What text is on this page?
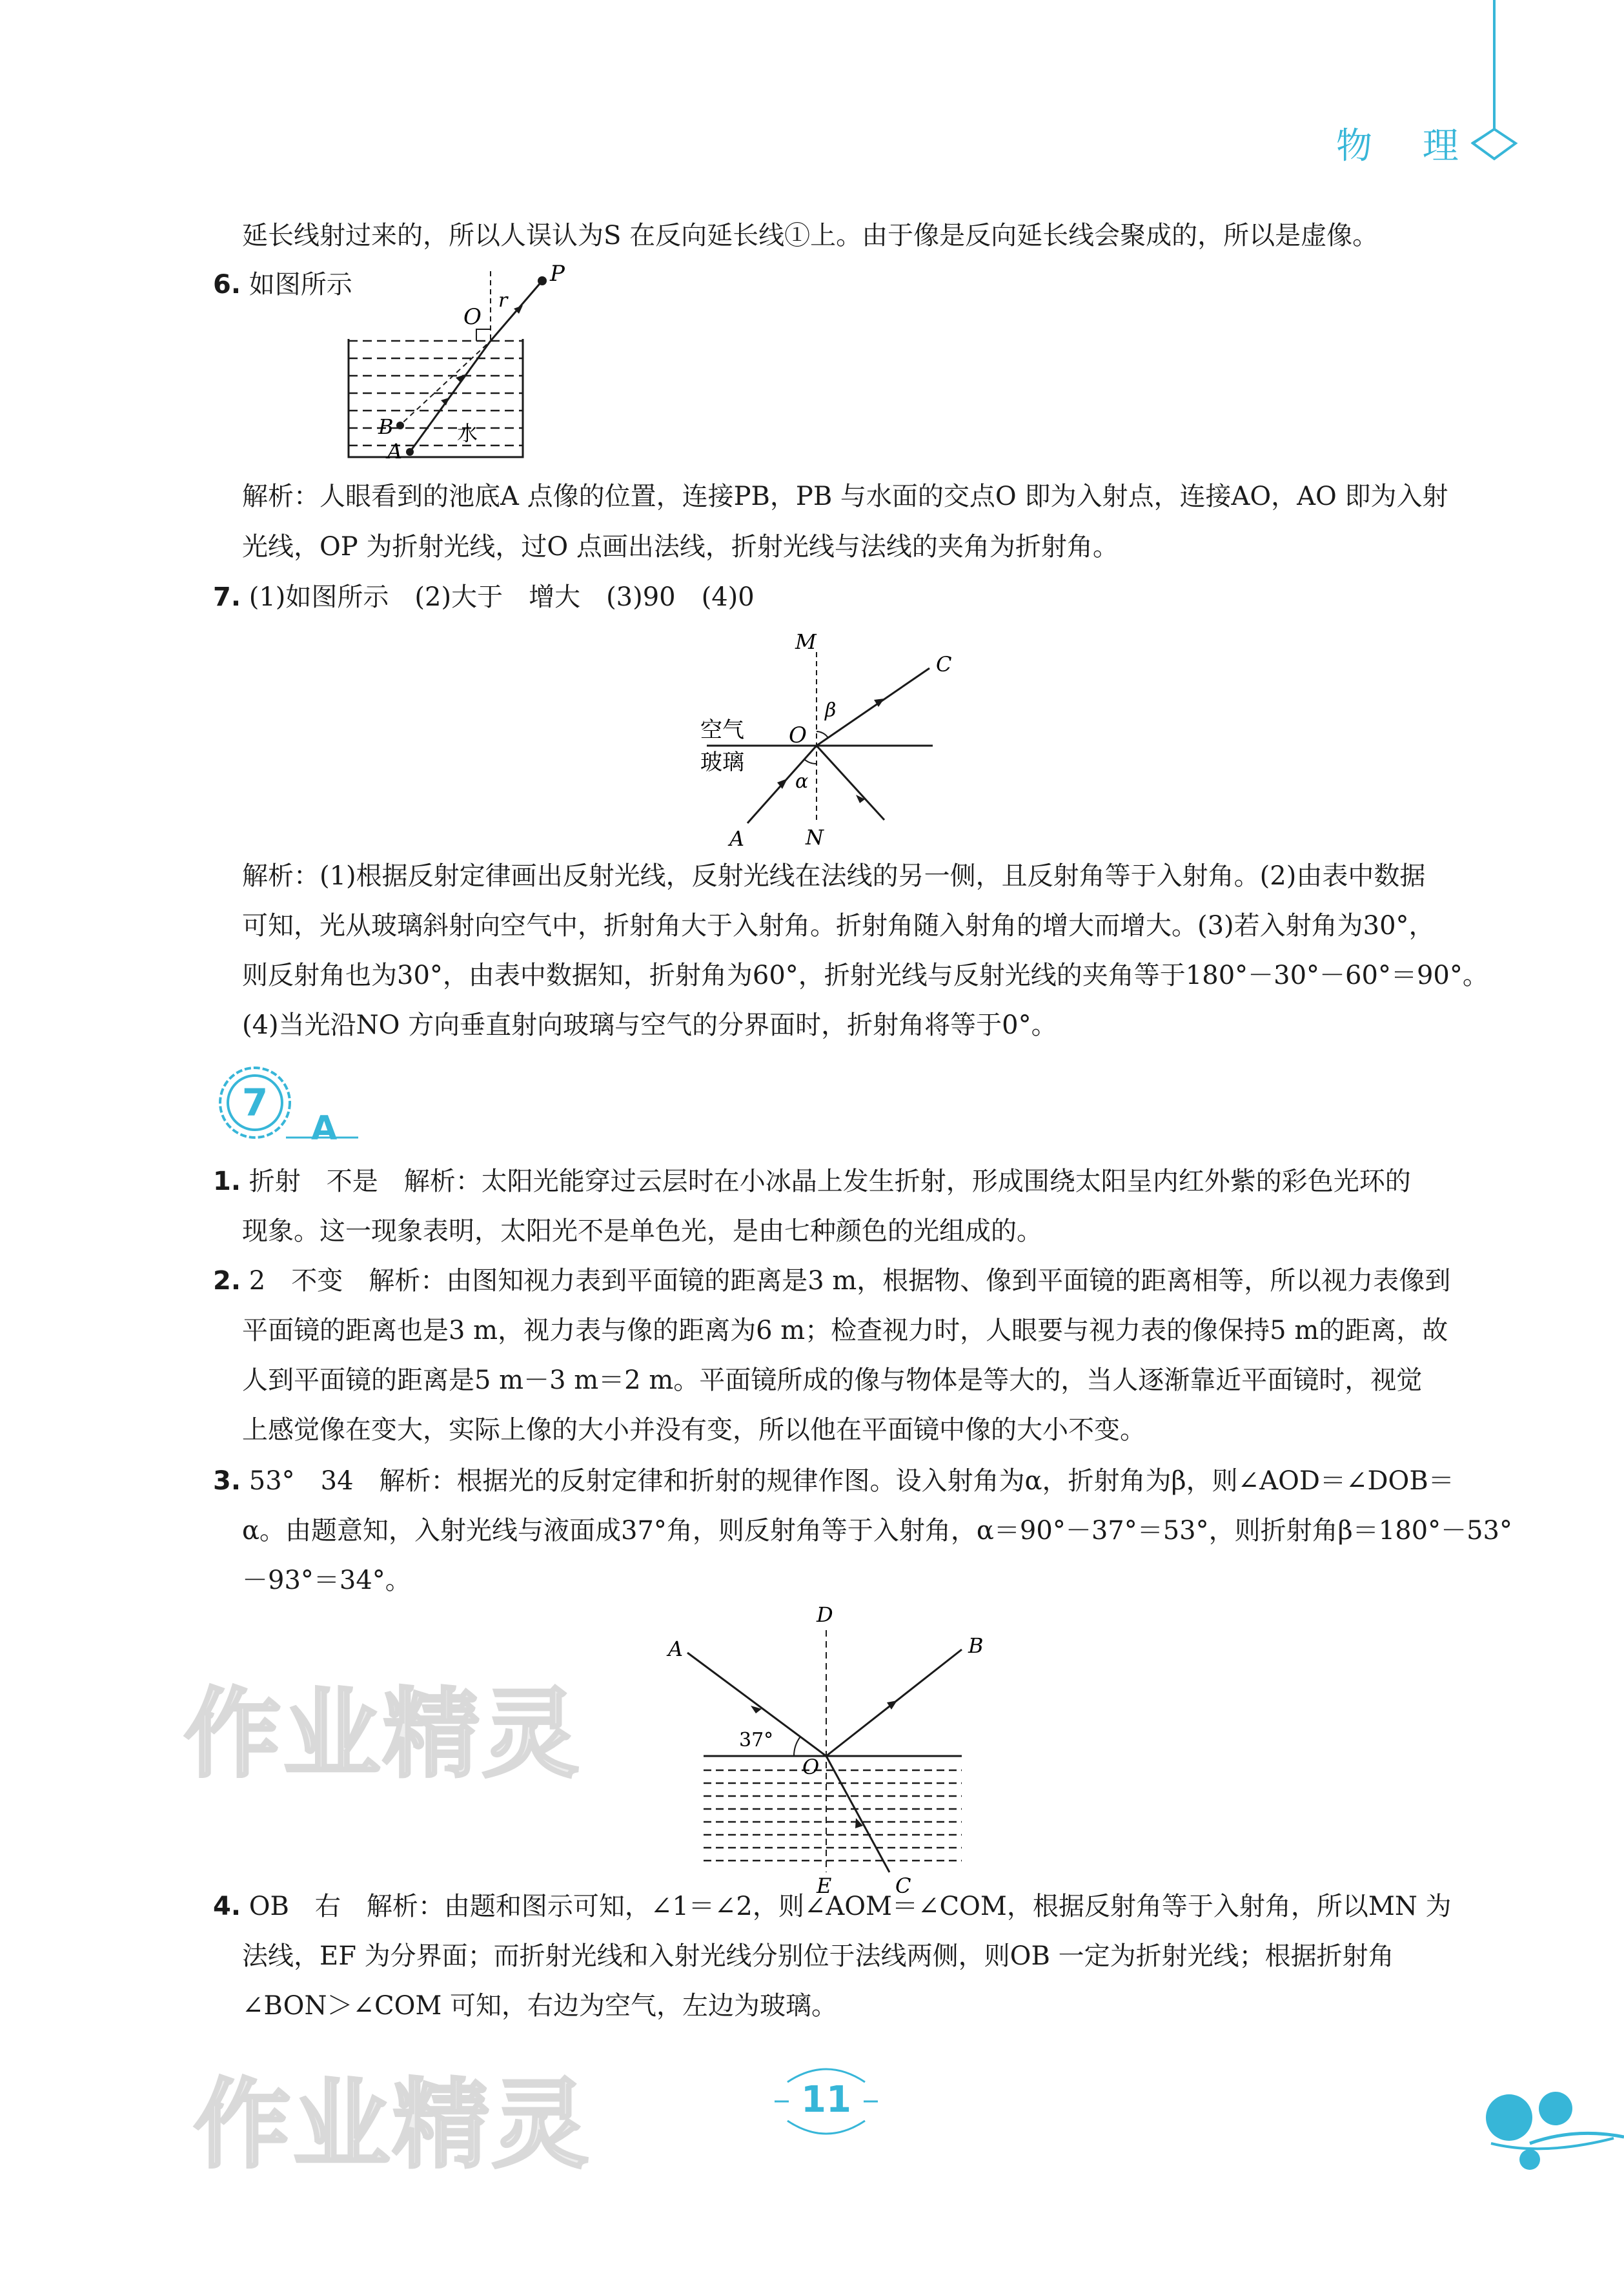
物 理
延长线射过来的，所以人误认为S 在反向延长线①上。由于像是反向延长线会聚成的，所以是虚像。
6. 如图所示	P
O
r
B
A
水
解析：人眼看到的池底A 点像的位置，连接PB，PB 与水面的交点O 即为入射点，连接AO，AO 即为入射
光线，OP 为折射光线，过O 点画出法线，折射光线与法线的夹角为折射角。
7. (1)如图所示　(2)大于　增大　(3)90　(4)0
M
C
O
β
空气
玻璃
α
A	N
解析：(1)根据反射定律画出反射光线，反射光线在法线的另一侧，且反射角等于入射角。(2)由表中数据
可知，光从玻璃斜射向空气中，折射角大于入射角。折射角随入射角的增大而增大。(3)若入射角为30°，
则反射角也为30°，由表中数据知，折射角为60°，折射光线与反射光线的夹角等于180°－30°－60°＝90°。
(4)当光沿NO 方向垂直射向玻璃与空气的分界面时，折射角将等于0°。
7
A
1. 折射　不是　解析：太阳光能穿过云层时在小冰晶上发生折射，形成围绕太阳呈内红外紫的彩色光环的
现象。这一现象表明，太阳光不是单色光，是由七种颜色的光组成的。
2. 2　不变　解析：由图知视力表到平面镜的距离是3 m，根据物、像到平面镜的距离相等，所以视力表像到
平面镜的距离也是3 m，视力表与像的距离为6 m；检查视力时，人眼要与视力表的像保持5 m的距离，故
人到平面镜的距离是5 m－3 m＝2 m。平面镜所成的像与物体是等大的，当人逐渐靠近平面镜时，视觉
上感觉像在变大，实际上像的大小并没有变，所以他在平面镜中像的大小不变。
3. 53°　34　解析：根据光的反射定律和折射的规律作图。设入射角为α，折射角为β，则∠AOD＝∠DOB＝
α。由题意知，入射光线与液面成37°角，则反射角等于入射角，α＝90°－37°＝53°，则折射角β＝180°－53°
－93°＝34°。
作业精灵
D
A	B
37°
O
E	C
4. OB　右　解析：由题和图示可知，∠1＝∠2，则∠AOM＝∠COM，根据反射角等于入射角，所以MN 为
法线，EF 为分界面；而折射光线和入射光线分别位于法线两侧，则OB 一定为折射光线；根据折射角
∠BON＞∠COM 可知，右边为空气，左边为玻璃。
作业精灵	11
